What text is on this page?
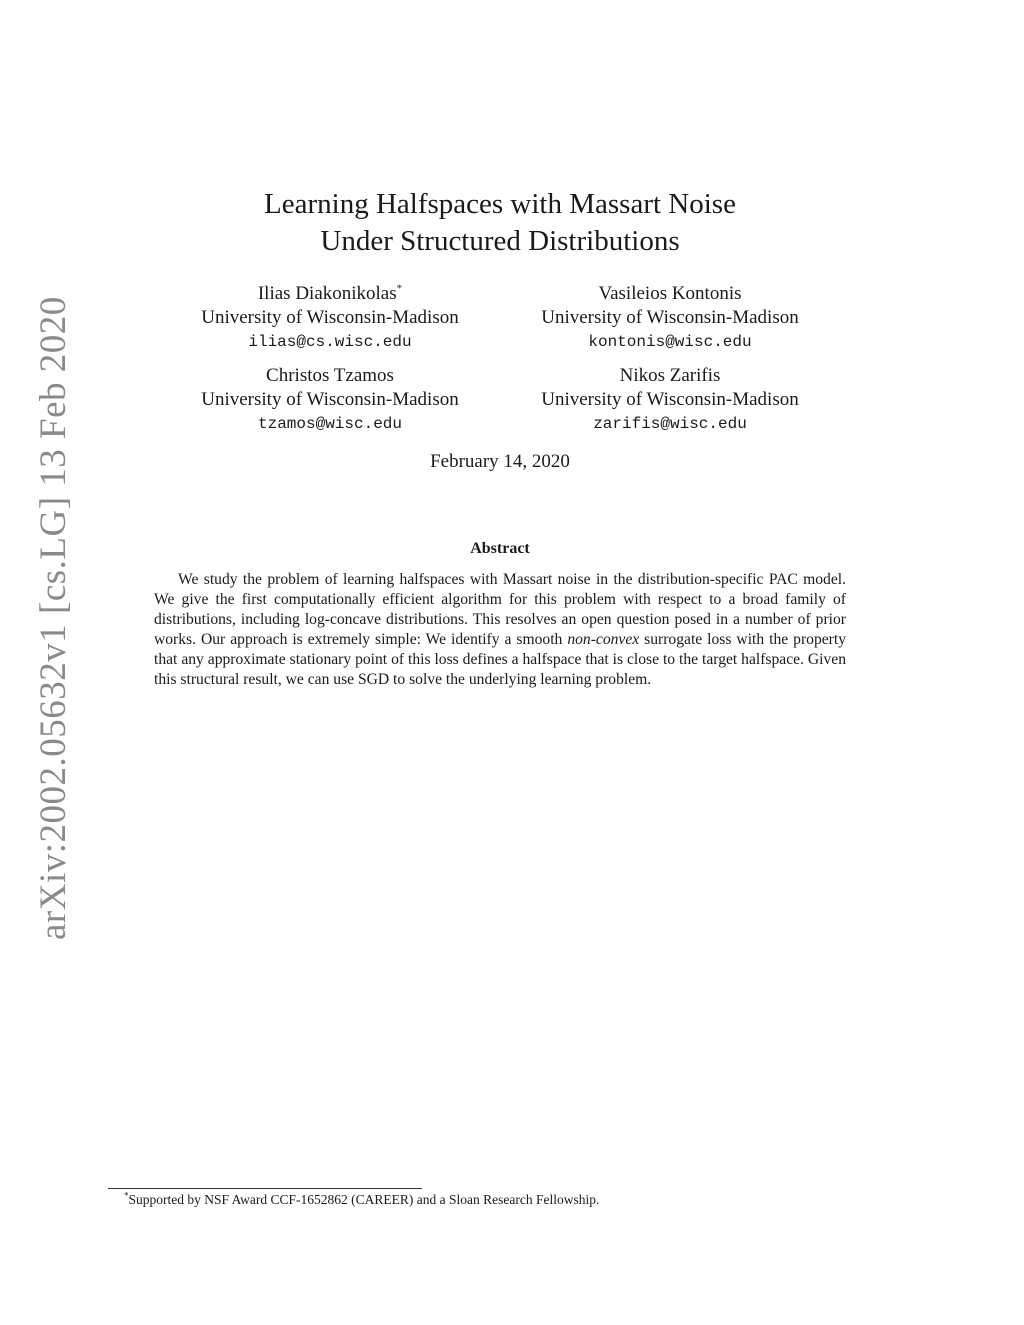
arXiv:2002.05632v1 [cs.LG] 13 Feb 2020
Learning Halfspaces with Massart Noise
Under Structured Distributions
Ilias Diakonikolas*
University of Wisconsin-Madison
ilias@cs.wisc.edu
Vasileios Kontonis
University of Wisconsin-Madison
kontonis@wisc.edu
Christos Tzamos
University of Wisconsin-Madison
tzamos@wisc.edu
Nikos Zarifis
University of Wisconsin-Madison
zarifis@wisc.edu
February 14, 2020
Abstract
We study the problem of learning halfspaces with Massart noise in the distribution-specific PAC model. We give the first computationally efficient algorithm for this problem with respect to a broad family of distributions, including log-concave distributions. This resolves an open question posed in a number of prior works. Our approach is extremely simple: We identify a smooth non-convex surrogate loss with the property that any approximate stationary point of this loss defines a halfspace that is close to the target halfspace. Given this structural result, we can use SGD to solve the underlying learning problem.
*Supported by NSF Award CCF-1652862 (CAREER) and a Sloan Research Fellowship.
